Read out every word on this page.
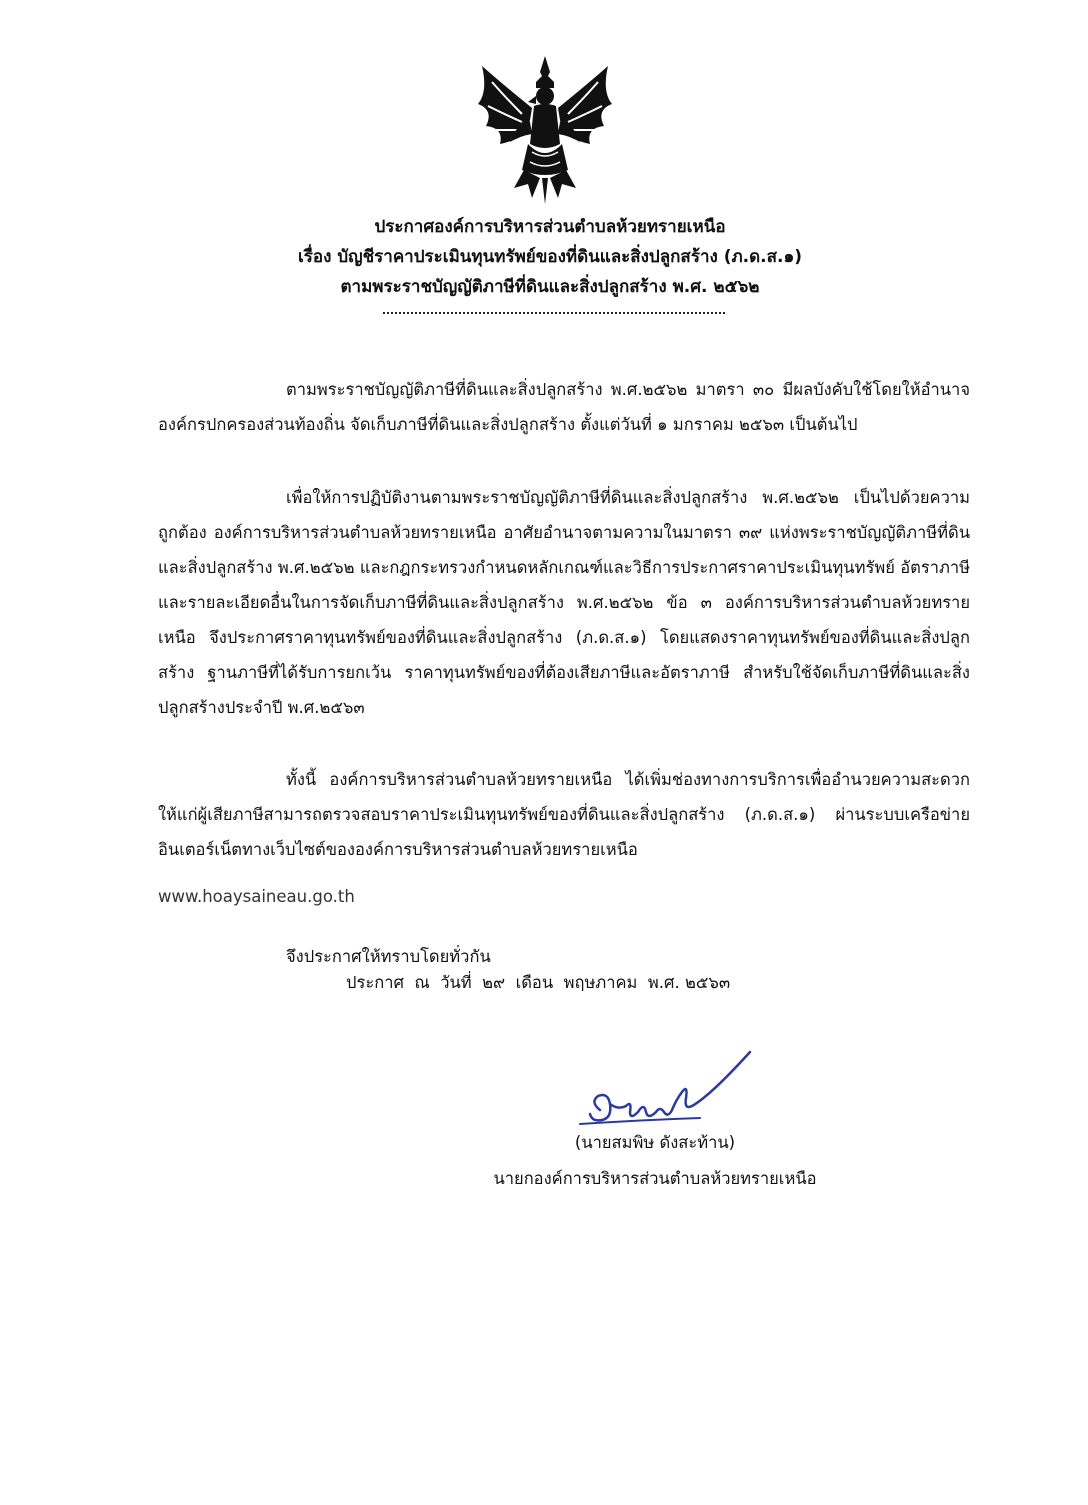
ประกาศองค์การบริหารส่วนตำบลห้วยทรายเหนือ
เรื่อง บัญชีราคาประเมินทุนทรัพย์ของที่ดินและสิ่งปลูกสร้าง (ภ.ด.ส.๑)
ตามพระราชบัญญัติภาษีที่ดินและสิ่งปลูกสร้าง พ.ศ. ๒๕๖๒

ตามพระราชบัญญัติภาษีที่ดินและสิ่งปลูกสร้าง พ.ศ.๒๕๖๒ มาตรา ๓๐ มีผลบังคับใช้โดยให้อำนาจองค์กรปกครองส่วนท้องถิ่น จัดเก็บภาษีที่ดินและสิ่งปลูกสร้าง ตั้งแต่วันที่ ๑ มกราคม ๒๕๖๓ เป็นต้นไป

เพื่อให้การปฏิบัติงานตามพระราชบัญญัติภาษีที่ดินและสิ่งปลูกสร้าง พ.ศ.๒๕๖๒ เป็นไปด้วยความถูกต้อง องค์การบริหารส่วนตำบลห้วยทรายเหนือ อาศัยอำนาจตามความในมาตรา ๓๙ แห่งพระราชบัญญัติภาษีที่ดินและสิ่งปลูกสร้าง พ.ศ.๒๕๖๒ และกฎกระทรวงกำหนดหลักเกณฑ์และวิธีการประกาศราคาประเมินทุนทรัพย์ อัตราภาษี และรายละเอียดอื่นในการจัดเก็บภาษีที่ดินและสิ่งปลูกสร้าง พ.ศ.๒๕๖๒ ข้อ ๓ องค์การบริหารส่วนตำบลห้วยทรายเหนือ จึงประกาศราคาทุนทรัพย์ของที่ดินและสิ่งปลูกสร้าง (ภ.ด.ส.๑) โดยแสดงราคาทุนทรัพย์ของที่ดินและสิ่งปลูกสร้าง ฐานภาษีที่ได้รับการยกเว้น ราคาทุนทรัพย์ของที่ต้องเสียภาษีและอัตราภาษี สำหรับใช้จัดเก็บภาษีที่ดินและสิ่งปลูกสร้างประจำปี พ.ศ.๒๕๖๓

ทั้งนี้ องค์การบริหารส่วนตำบลห้วยทรายเหนือ ได้เพิ่มช่องทางการบริการเพื่ออำนวยความสะดวกให้แก่ผู้เสียภาษีสามารถตรวจสอบราคาประเมินทุนทรัพย์ของที่ดินและสิ่งปลูกสร้าง (ภ.ด.ส.๑) ผ่านระบบเครือข่ายอินเตอร์เน็ตทางเว็บไซต์ขององค์การบริหารส่วนตำบลห้วยทรายเหนือ

www.hoaysaineau.go.th
จึงประกาศให้ทราบโดยทั่วกัน
ประกาศ  ณ  วันที่  ๒๙  เดือน  พฤษภาคม  พ.ศ. ๒๕๖๓
(นายสมพิษ ดังสะท้าน)
นายกองค์การบริหารส่วนตำบลห้วยทรายเหนือ
